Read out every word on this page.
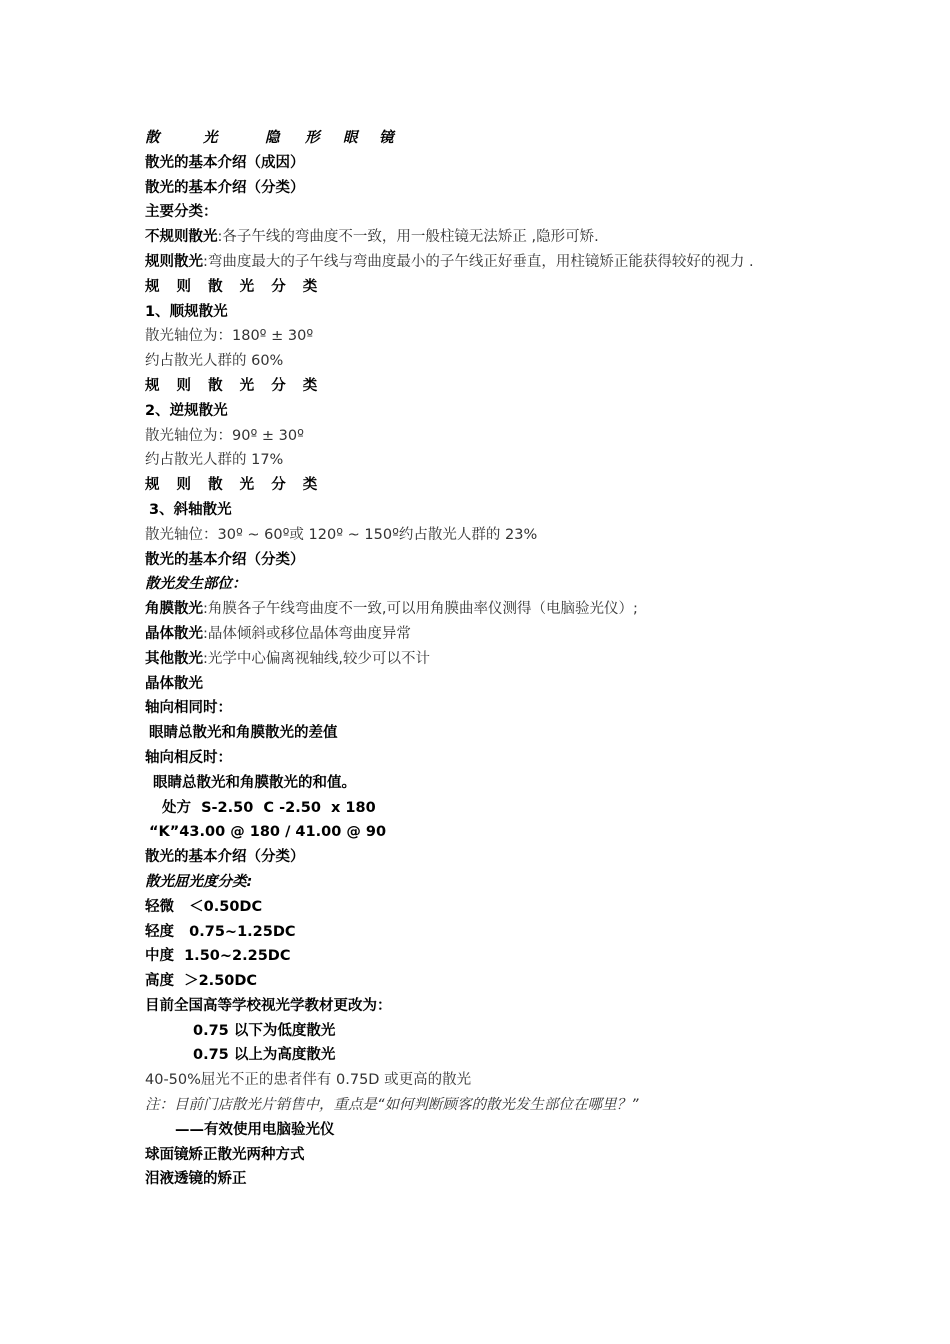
散	光	隐 形 眼 镜
散光的基本介绍（成因）
散光的基本介绍（分类）
主要分类：
不规则散光:各子午线的弯曲度不一致，用一般柱镜无法矫正 ,隐形可矫.
规则散光:弯曲度最大的子午线与弯曲度最小的子午线正好垂直，用柱镜矫正能获得较好的视力 .
规 则 散 光 分 类
1、顺规散光
散光轴位为：180º ± 30º
约占散光人群的 60%
规 则 散 光 分 类
2、逆规散光
散光轴位为：90º ± 30º
约占散光人群的 17%
规 则 散 光 分 类
3、斜轴散光
散光轴位：30º ~ 60º或 120º ~ 150º约占散光人群的 23%
散光的基本介绍（分类）
散光发生部位：
角膜散光:角膜各子午线弯曲度不一致,可以用角膜曲率仪测得（电脑验光仪）;
晶体散光:晶体倾斜或移位晶体弯曲度异常
其他散光:光学中心偏离视轴线,较少可以不计
晶体散光
轴向相同时：
眼睛总散光和角膜散光的差值
轴向相反时：
眼睛总散光和角膜散光的和值。
处方  S-2.50  C -2.50  x 180
“K”43.00 @ 180 / 41.00 @ 90
散光的基本介绍（分类）
散光屈光度分类:
轻微   ＜0.50DC
轻度   0.75~1.25DC
中度  1.50~2.25DC
高度  ＞2.50DC
目前全国高等学校视光学教材更改为：
0.75 以下为低度散光
0.75 以上为高度散光
40-50%屈光不正的患者伴有 0.75D 或更高的散光
注：目前门店散光片销售中，重点是“如何判断顾客的散光发生部位在哪里？”
——有效使用电脑验光仪
球面镜矫正散光两种方式
泪液透镜的矫正
